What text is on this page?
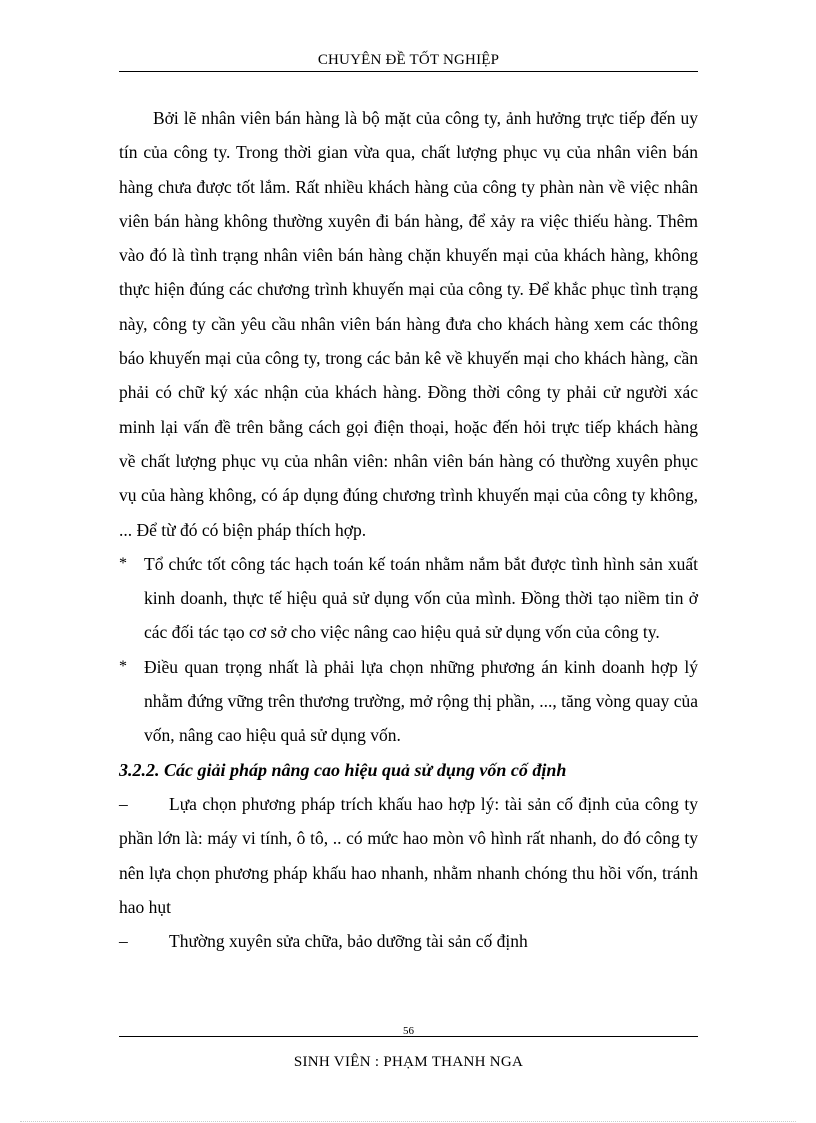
CHUYÊN ĐỀ TỐT NGHIỆP

Bởi lẽ nhân viên bán hàng là bộ mặt của công ty, ảnh hưởng trực tiếp đến uy tín của công ty. Trong thời gian vừa qua, chất lượng phục vụ của nhân viên bán hàng chưa được tốt lắm. Rất nhiều khách hàng của công ty phàn nàn về việc nhân viên bán hàng không thường xuyên đi bán hàng, để xảy ra việc thiếu hàng. Thêm vào đó là tình trạng nhân viên bán hàng chặn khuyến mại của khách hàng, không thực hiện đúng các chương trình khuyến mại của công ty. Để khắc phục tình trạng này, công ty cần yêu cầu nhân viên bán hàng đưa cho khách hàng xem các thông báo khuyến mại của công ty, trong các bản kê về khuyến mại cho khách hàng, cần phải có chữ ký xác nhận của khách hàng. Đồng thời công ty phải cử người xác minh lại vấn đề trên bằng cách gọi điện thoại, hoặc đến hỏi trực tiếp khách hàng về chất lượng phục vụ của nhân viên: nhân viên bán hàng có thường xuyên phục vụ của hàng không, có áp dụng đúng chương trình khuyến mại của công ty không, ... Để từ đó có biện pháp thích hợp.

* Tổ chức tốt công tác hạch toán kế toán nhằm nắm bắt được tình hình sản xuất kinh doanh, thực tế hiệu quả sử dụng vốn của mình. Đồng thời tạo niềm tin ở các đối tác tạo cơ sở cho việc nâng cao hiệu quả sử dụng vốn của công ty.
* Điều quan trọng nhất là phải lựa chọn những phương án kinh doanh hợp lý nhằm đứng vững trên thương trường, mở rộng thị phần, ..., tăng vòng quay của vốn, nâng cao hiệu quả sử dụng vốn.

3.2.2. Các giải pháp nâng cao hiệu quả sử dụng vốn cố định

– Lựa chọn phương pháp trích khấu hao hợp lý: tài sản cố định của công ty phần lớn là: máy vi tính, ô tô, .. có mức hao mòn vô hình rất nhanh, do đó công ty nên lựa chọn phương pháp khấu hao nhanh, nhằm nhanh chóng thu hồi vốn, tránh hao hụt

– Thường xuyên sửa chữa, bảo dưỡng tài sản cố định

56
SINH VIÊN : PHẠM THANH NGA
